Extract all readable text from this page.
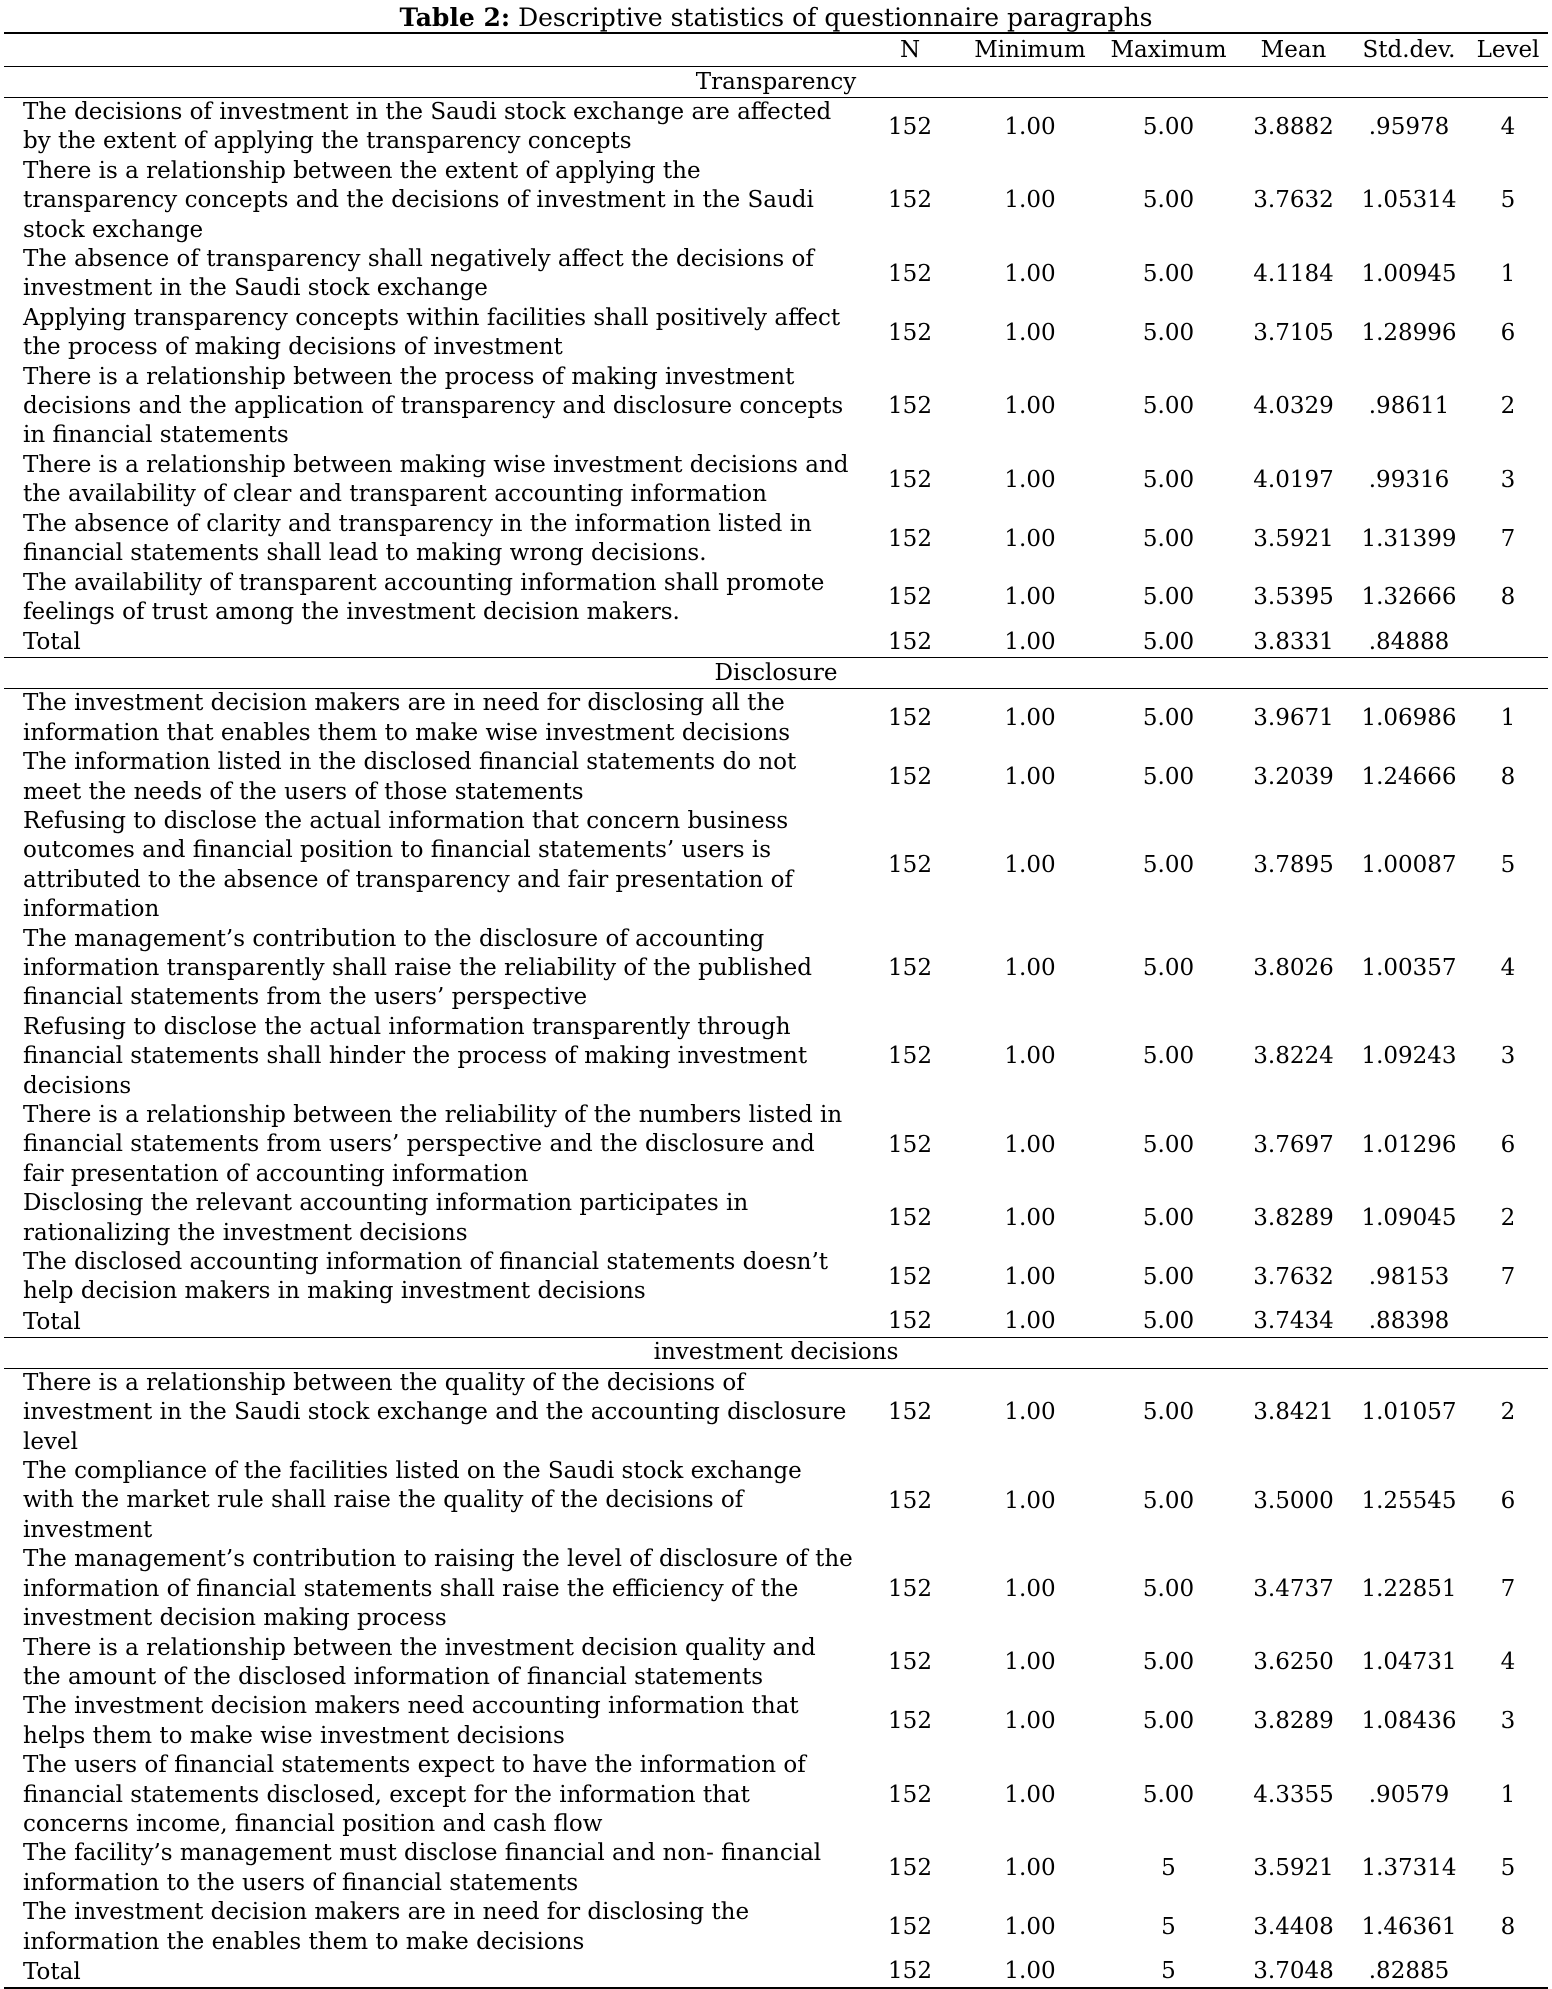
Table 2: Descriptive statistics of questionnaire paragraphs
	N	Minimum	Maximum	Mean	Std.dev.	Level
Transparency						
The decisions of investment in the Saudi stock exchange are affected by the extent of applying the transparency concepts	152	1.00	5.00	3.8882	.95978	4
There is a relationship between the extent of applying the transparency concepts and the decisions of investment in the Saudi stock exchange	152	1.00	5.00	3.7632	1.05314	5
The absence of transparency shall negatively affect the decisions of investment in the Saudi stock exchange	152	1.00	5.00	4.1184	1.00945	1
Applying transparency concepts within facilities shall positively affect the process of making decisions of investment	152	1.00	5.00	3.7105	1.28996	6
There is a relationship between the process of making investment decisions and the application of transparency and disclosure concepts in financial statements	152	1.00	5.00	4.0329	.98611	2
There is a relationship between making wise investment decisions and the availability of clear and transparent accounting information	152	1.00	5.00	4.0197	.99316	3
The absence of clarity and transparency in the information listed in financial statements shall lead to making wrong decisions.	152	1.00	5.00	3.5921	1.31399	7
The availability of transparent accounting information shall promote feelings of trust among the investment decision makers.	152	1.00	5.00	3.5395	1.32666	8
Total	152	1.00	5.00	3.8331	.84888	
Disclosure						
The investment decision makers are in need for disclosing all the information that enables them to make wise investment decisions	152	1.00	5.00	3.9671	1.06986	1
The information listed in the disclosed financial statements do not meet the needs of the users of those statements	152	1.00	5.00	3.2039	1.24666	8
Refusing to disclose the actual information that concern business outcomes and financial position to financial statements’ users is attributed to the absence of transparency and fair presentation of information	152	1.00	5.00	3.7895	1.00087	5
The management’s contribution to the disclosure of accounting information transparently shall raise the reliability of the published financial statements from the users’ perspective	152	1.00	5.00	3.8026	1.00357	4
Refusing to disclose the actual information transparently through financial statements shall hinder the process of making investment decisions	152	1.00	5.00	3.8224	1.09243	3
There is a relationship between the reliability of the numbers listed in financial statements from users’ perspective and the disclosure and fair presentation of accounting information	152	1.00	5.00	3.7697	1.01296	6
Disclosing the relevant accounting information participates in rationalizing the investment decisions	152	1.00	5.00	3.8289	1.09045	2
The disclosed accounting information of financial statements doesn’t help decision makers in making investment decisions	152	1.00	5.00	3.7632	.98153	7
Total	152	1.00	5.00	3.7434	.88398	
investment decisions						
There is a relationship between the quality of the decisions of investment in the Saudi stock exchange and the accounting disclosure level	152	1.00	5.00	3.8421	1.01057	2
The compliance of the facilities listed on the Saudi stock exchange with the market rule shall raise the quality of the decisions of investment	152	1.00	5.00	3.5000	1.25545	6
The management’s contribution to raising the level of disclosure of the information of financial statements shall raise the efficiency of the investment decision making process	152	1.00	5.00	3.4737	1.22851	7
There is a relationship between the investment decision quality and the amount of the disclosed information of financial statements	152	1.00	5.00	3.6250	1.04731	4
The investment decision makers need accounting information that helps them to make wise investment decisions	152	1.00	5.00	3.8289	1.08436	3
The users of financial statements expect to have the information of financial statements disclosed, except for the information that concerns income, financial position and cash flow	152	1.00	5.00	4.3355	.90579	1
The facility’s management must disclose financial and non- financial information to the users of financial statements	152	1.00	5	3.5921	1.37314	5
The investment decision makers are in need for disclosing the information the enables them to make decisions	152	1.00	5	3.4408	1.46361	8
Total	152	1.00	5	3.7048	.82885	
